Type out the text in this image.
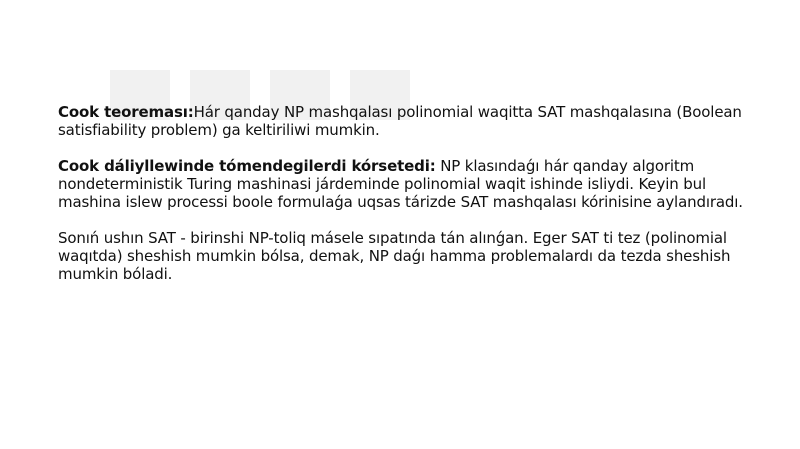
Cook teoreması:Hár qanday NP mashqalası polinomial waqitta SAT mashqalasına (Boolean satisfiability problem) ga keltiriliwi mumkin.

Cook dáliyllewinde tómendegilerdi kórsetedi: NP klasındaǵı hár qanday algoritm nondeterministik Turing mashinasi járdeminde polinomial waqit ishinde isliydi. Keyin bul mashina islew processi boole formulaǵa uqsas tárizde SAT mashqalası kórinisine aylandıradı.

Sonıń ushın SAT - birinshi NP-toliq másele sıpatında tán alınǵan. Eger SAT ti tez (polinomial waqıtda) sheshish mumkin bólsa, demak, NP daǵı hamma problemalardı da tezda sheshish mumkin bóladi.
